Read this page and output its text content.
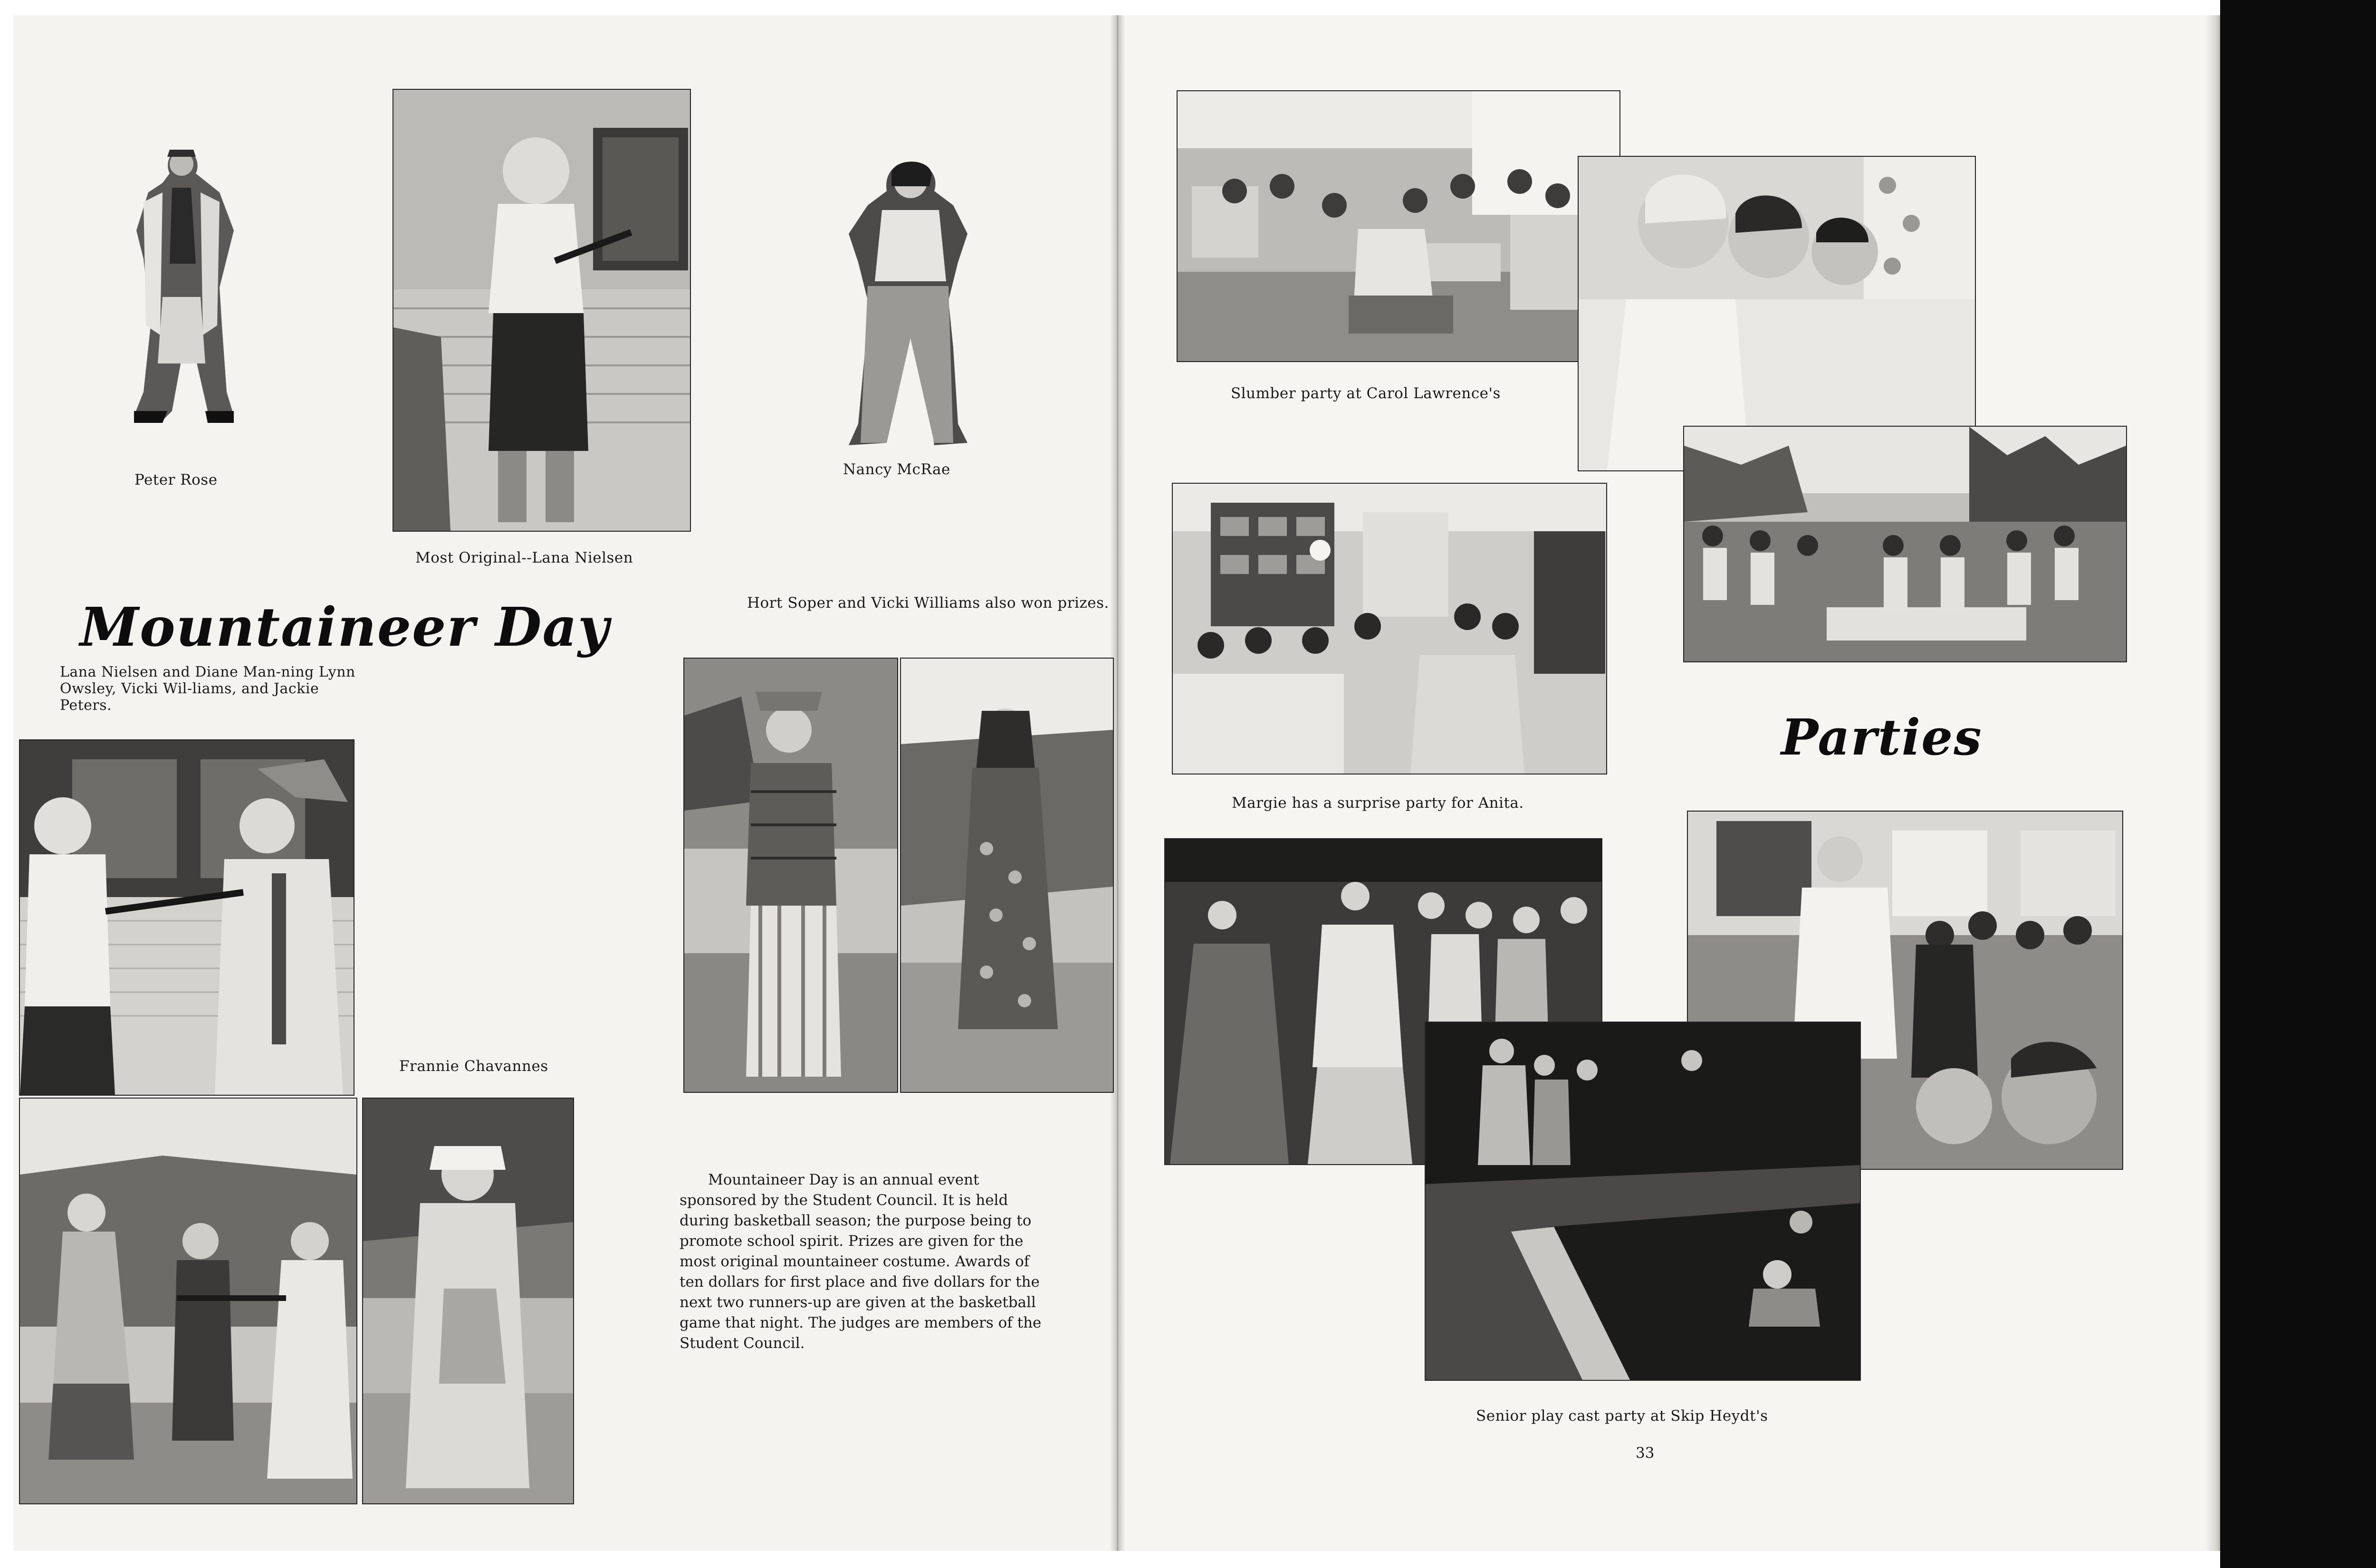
Peter Rose
Most Original--Lana Nielsen
Nancy McRae
Mountaineer Day	Hort Soper and Vicki Williams also won prizes.
Lana Nielsen and Diane Man-ning Lynn Owsley, Vicki Wil-liams, and Jackie Peters.
Frannie Chavannes
Mountaineer Day is an annual event sponsored by the Student Council. It is held during basketball season; the purpose being to promote school spirit. Prizes are given for the most original mountaineer costume. Awards of ten dollars for first place and five dollars for the next two runners-up are given at the basketball game that night. The judges are members of the Student Council.
Slumber party at Carol Lawrence's
Margie has a surprise party for Anita.
Parties
Senior play cast party at Skip Heydt's
33
